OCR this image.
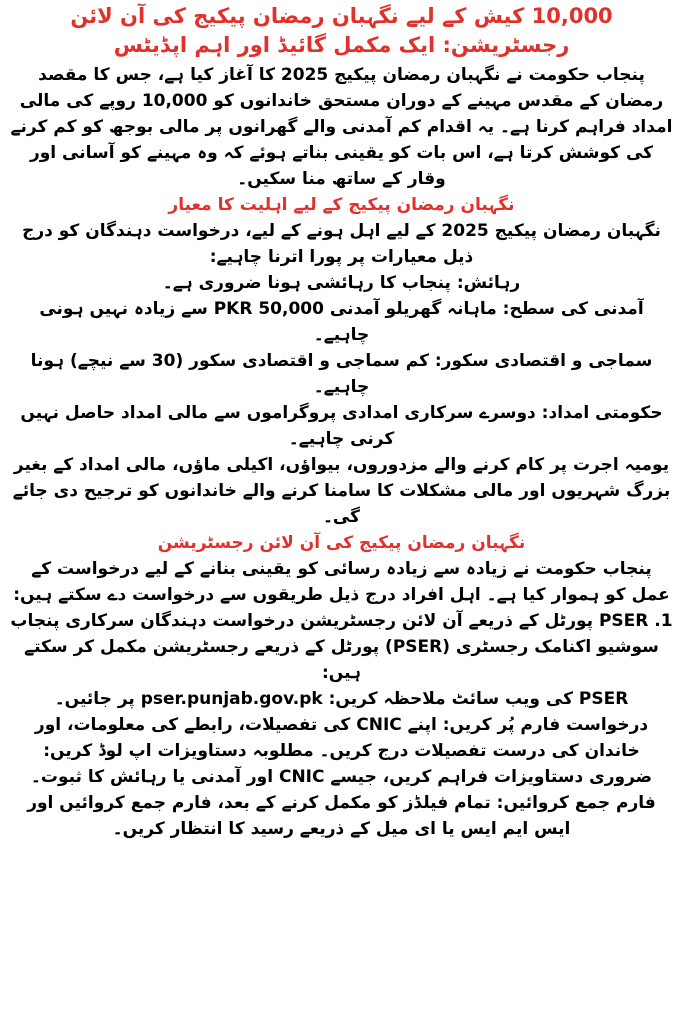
10,000 کیش کے لیے نگہبان رمضان پیکیج کی آن لائن رجسٹریشن: ایک مکمل گائیڈ اور اہم اپڈیٹس

پنجاب حکومت نے نگہبان رمضان پیکیج 2025 کا آغاز کیا ہے، جس کا مقصد رمضان کے مقدس مہینے کے دوران مستحق خاندانوں کو 10,000 روپے کی مالی امداد فراہم کرنا ہے۔ یہ اقدام کم آمدنی والے گھرانوں پر مالی بوجھ کو کم کرنے کی کوشش کرتا ہے، اس بات کو یقینی بناتے ہوئے کہ وہ مہینے کو آسانی اور وقار کے ساتھ منا سکیں۔

نگہبان رمضان پیکیج کے لیے اہلیت کا معیار

نگہبان رمضان پیکیج 2025 کے لیے اہل ہونے کے لیے، درخواست دہندگان کو درج ذیل معیارات پر پورا اترنا چاہیے:

رہائش: پنجاب کا رہائشی ہونا ضروری ہے۔

آمدنی کی سطح: ماہانہ گھریلو آمدنی PKR 50,000 سے زیادہ نہیں ہونی چاہیے۔

سماجی و اقتصادی سکور: کم سماجی و اقتصادی سکور (30 سے نیچے) ہونا چاہیے۔

حکومتی امداد: دوسرے سرکاری امدادی پروگراموں سے مالی امداد حاصل نہیں کرنی چاہیے۔

یومیہ اجرت پر کام کرنے والے مزدوروں، بیواؤں، اکیلی ماؤں، مالی امداد کے بغیر بزرگ شہریوں اور مالی مشکلات کا سامنا کرنے والے خاندانوں کو ترجیح دی جائے گی۔

نگہبان رمضان پیکیج کی آن لائن رجسٹریشن

پنجاب حکومت نے زیادہ سے زیادہ رسائی کو یقینی بنانے کے لیے درخواست کے عمل کو ہموار کیا ہے۔ اہل افراد درج ذیل طریقوں سے درخواست دے سکتے ہیں:

1. PSER پورٹل کے ذریعے آن لائن رجسٹریشن درخواست دہندگان سرکاری پنجاب سوشیو اکنامک رجسٹری (PSER) پورٹل کے ذریعے رجسٹریشن مکمل کر سکتے ہیں:

PSER کی ویب سائٹ ملاحظہ کریں: pser.punjab.gov.pk پر جائیں۔

درخواست فارم پُر کریں: اپنے CNIC کی تفصیلات، رابطے کی معلومات، اور خاندان کی درست تفصیلات درج کریں۔ مطلوبہ دستاویزات اپ لوڈ کریں: ضروری دستاویزات فراہم کریں، جیسے CNIC اور آمدنی یا رہائش کا ثبوت۔

فارم جمع کروائیں: تمام فیلڈز کو مکمل کرنے کے بعد، فارم جمع کروائیں اور ایس ایم ایس یا ای میل کے ذریعے رسید کا انتظار کریں۔
